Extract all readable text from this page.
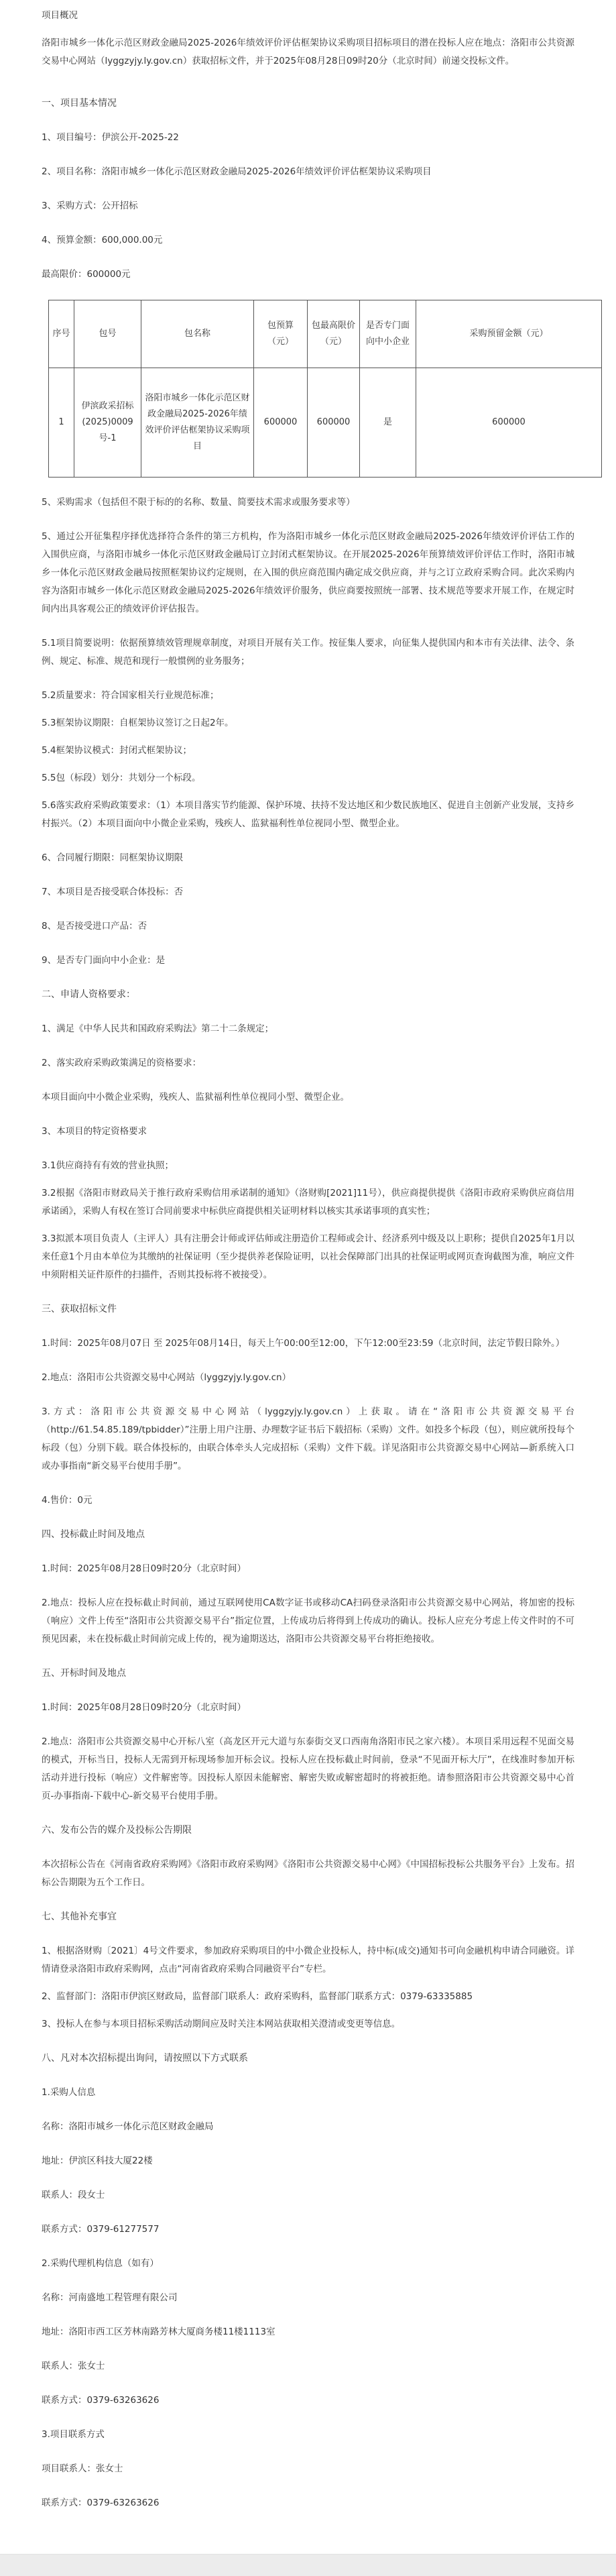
项目概况

洛阳市城乡一体化示范区财政金融局2025-2026年绩效评价评估框架协议采购项目招标项目的潜在投标人应在地点：洛阳市公共资源交易中心网站（lyggzyjy.ly.gov.cn）获取招标文件，并于2025年08月28日09时20分（北京时间）前递交投标文件。

一、项目基本情况

1、项目编号：伊滨公开-2025-22

2、项目名称：洛阳市城乡一体化示范区财政金融局2025-2026年绩效评价评估框架协议采购项目

3、采购方式：公开招标

4、预算金额：600,000.00元

最高限价：600000元

序号	包号	包名称	包预算（元）	包最高限价（元）	是否专门面向中小企业	采购预留金额（元）
1	伊滨政采招标(2025)0009号-1	洛阳市城乡一体化示范区财政金融局2025-2026年绩效评价评估框架协议采购项目	600000	600000	是	600000

5、采购需求（包括但不限于标的的名称、数量、简要技术需求或服务要求等）

5、通过公开征集程序择优选择符合条件的第三方机构，作为洛阳市城乡一体化示范区财政金融局2025-2026年绩效评价评估工作的入围供应商，与洛阳市城乡一体化示范区财政金融局订立封闭式框架协议。在开展2025-2026年预算绩效评价评估工作时，洛阳市城乡一体化示范区财政金融局按照框架协议约定规则，在入围的供应商范围内确定成交供应商，并与之订立政府采购合同。此次采购内容为洛阳市城乡一体化示范区财政金融局2025-2026年绩效评价服务，供应商要按照统一部署、技术规范等要求开展工作，在规定时间内出具客观公正的绩效评价评估报告。

5.1项目简要说明：依据预算绩效管理规章制度，对项目开展有关工作。按征集人要求，向征集人提供国内和本市有关法律、法令、条例、规定、标准、规范和现行一般惯例的业务服务；

5.2质量要求：符合国家相关行业规范标准；

5.3框架协议期限：自框架协议签订之日起2年。

5.4框架协议模式：封闭式框架协议；

5.5包（标段）划分：共划分一个标段。

5.6落实政府采购政策要求：（1）本项目落实节约能源、保护环境、扶持不发达地区和少数民族地区、促进自主创新产业发展，支持乡村振兴。（2）本项目面向中小微企业采购，残疾人、监狱福利性单位视同小型、微型企业。

6、合同履行期限：同框架协议期限

7、本项目是否接受联合体投标：否

8、是否接受进口产品：否

9、是否专门面向中小企业：是

二、申请人资格要求：

1、满足《中华人民共和国政府采购法》第二十二条规定；

2、落实政府采购政策满足的资格要求：

本项目面向中小微企业采购，残疾人、监狱福利性单位视同小型、微型企业。

3、本项目的特定资格要求

3.1供应商持有有效的营业执照；

3.2根据《洛阳市财政局关于推行政府采购信用承诺制的通知》（洛财购[2021]11号），供应商提供提供《洛阳市政府采购供应商信用承诺函》，采购人有权在签订合同前要求中标供应商提供相关证明材料以核实其承诺事项的真实性；

3.3拟派本项目负责人（主评人）具有注册会计师或评估师或注册造价工程师或会计、经济系列中级及以上职称；提供自2025年1月以来任意1个月由本单位为其缴纳的社保证明（至少提供养老保险证明，以社会保障部门出具的社保证明或网页查询截图为准，响应文件中须附相关证件原件的扫描件，否则其投标将不被接受）。

三、获取招标文件

1.时间：2025年08月07日 至 2025年08月14日，每天上午00:00至12:00，下午12:00至23:59（北京时间，法定节假日除外。）

2.地点：洛阳市公共资源交易中心网站（lyggzyjy.ly.gov.cn）

3.方式：洛阳市公共资源交易中心网站（lyggzyjy.ly.gov.cn）上获取。请在“洛阳市公共资源交易平台（http://61.54.85.189/tpbidder）”注册上用户注册、办理数字证书后下载招标（采购）文件。如投多个标段（包），则应就所投每个标段（包）分别下载。联合体投标的，由联合体牵头人完成招标（采购）文件下载。详见洛阳市公共资源交易中心网站—新系统入口或办事指南“新交易平台使用手册”。

4.售价：0元

四、投标截止时间及地点

1.时间：2025年08月28日09时20分（北京时间）

2.地点：投标人应在投标截止时间前，通过互联网使用CA数字证书或移动CA扫码登录洛阳市公共资源交易中心网站，将加密的投标（响应）文件上传至“洛阳市公共资源交易平台”指定位置，上传成功后将得到上传成功的确认。投标人应充分考虑上传文件时的不可预见因素，未在投标截止时间前完成上传的，视为逾期送达，洛阳市公共资源交易平台将拒绝接收。

五、开标时间及地点

1.时间：2025年08月28日09时20分（北京时间）

2.地点：洛阳市公共资源交易中心开标八室（高龙区开元大道与东泰街交叉口西南角洛阳市民之家六楼）。本项目采用远程不见面交易的模式，开标当日，投标人无需到开标现场参加开标会议。投标人应在投标截止时间前，登录“不见面开标大厅”，在线准时参加开标活动并进行投标（响应）文件解密等。因投标人原因未能解密、解密失败或解密超时的将被拒绝。请参照洛阳市公共资源交易中心首页-办事指南-下载中心-新交易平台使用手册。

六、发布公告的媒介及投标公告期限

本次招标公告在《河南省政府采购网》《洛阳市政府采购网》《洛阳市公共资源交易中心网》《中国招标投标公共服务平台》上发布。招标公告期限为五个工作日。

七、其他补充事宜

1、根据洛财购〔2021〕4号文件要求，参加政府采购项目的中小微企业投标人，持中标(成交)通知书可向金融机构申请合同融资。详情请登录洛阳市政府采购网，点击“河南省政府采购合同融资平台”专栏。

2、监督部门：洛阳市伊滨区财政局，监督部门联系人：政府采购科，监督部门联系方式：0379-63335885

3、投标人在参与本项目招标采购活动期间应及时关注本网站获取相关澄清或变更等信息。

八、凡对本次招标提出询问，请按照以下方式联系

1.采购人信息

名称：洛阳市城乡一体化示范区财政金融局

地址：伊滨区科技大厦22楼

联系人：段女士

联系方式：0379-61277577

2.采购代理机构信息（如有）

名称：河南盛地工程管理有限公司

地址：洛阳市西工区芳林南路芳林大厦商务楼11楼1113室

联系人：张女士

联系方式：0379-63263626

3.项目联系方式

项目联系人：张女士

联系方式：0379-63263626
